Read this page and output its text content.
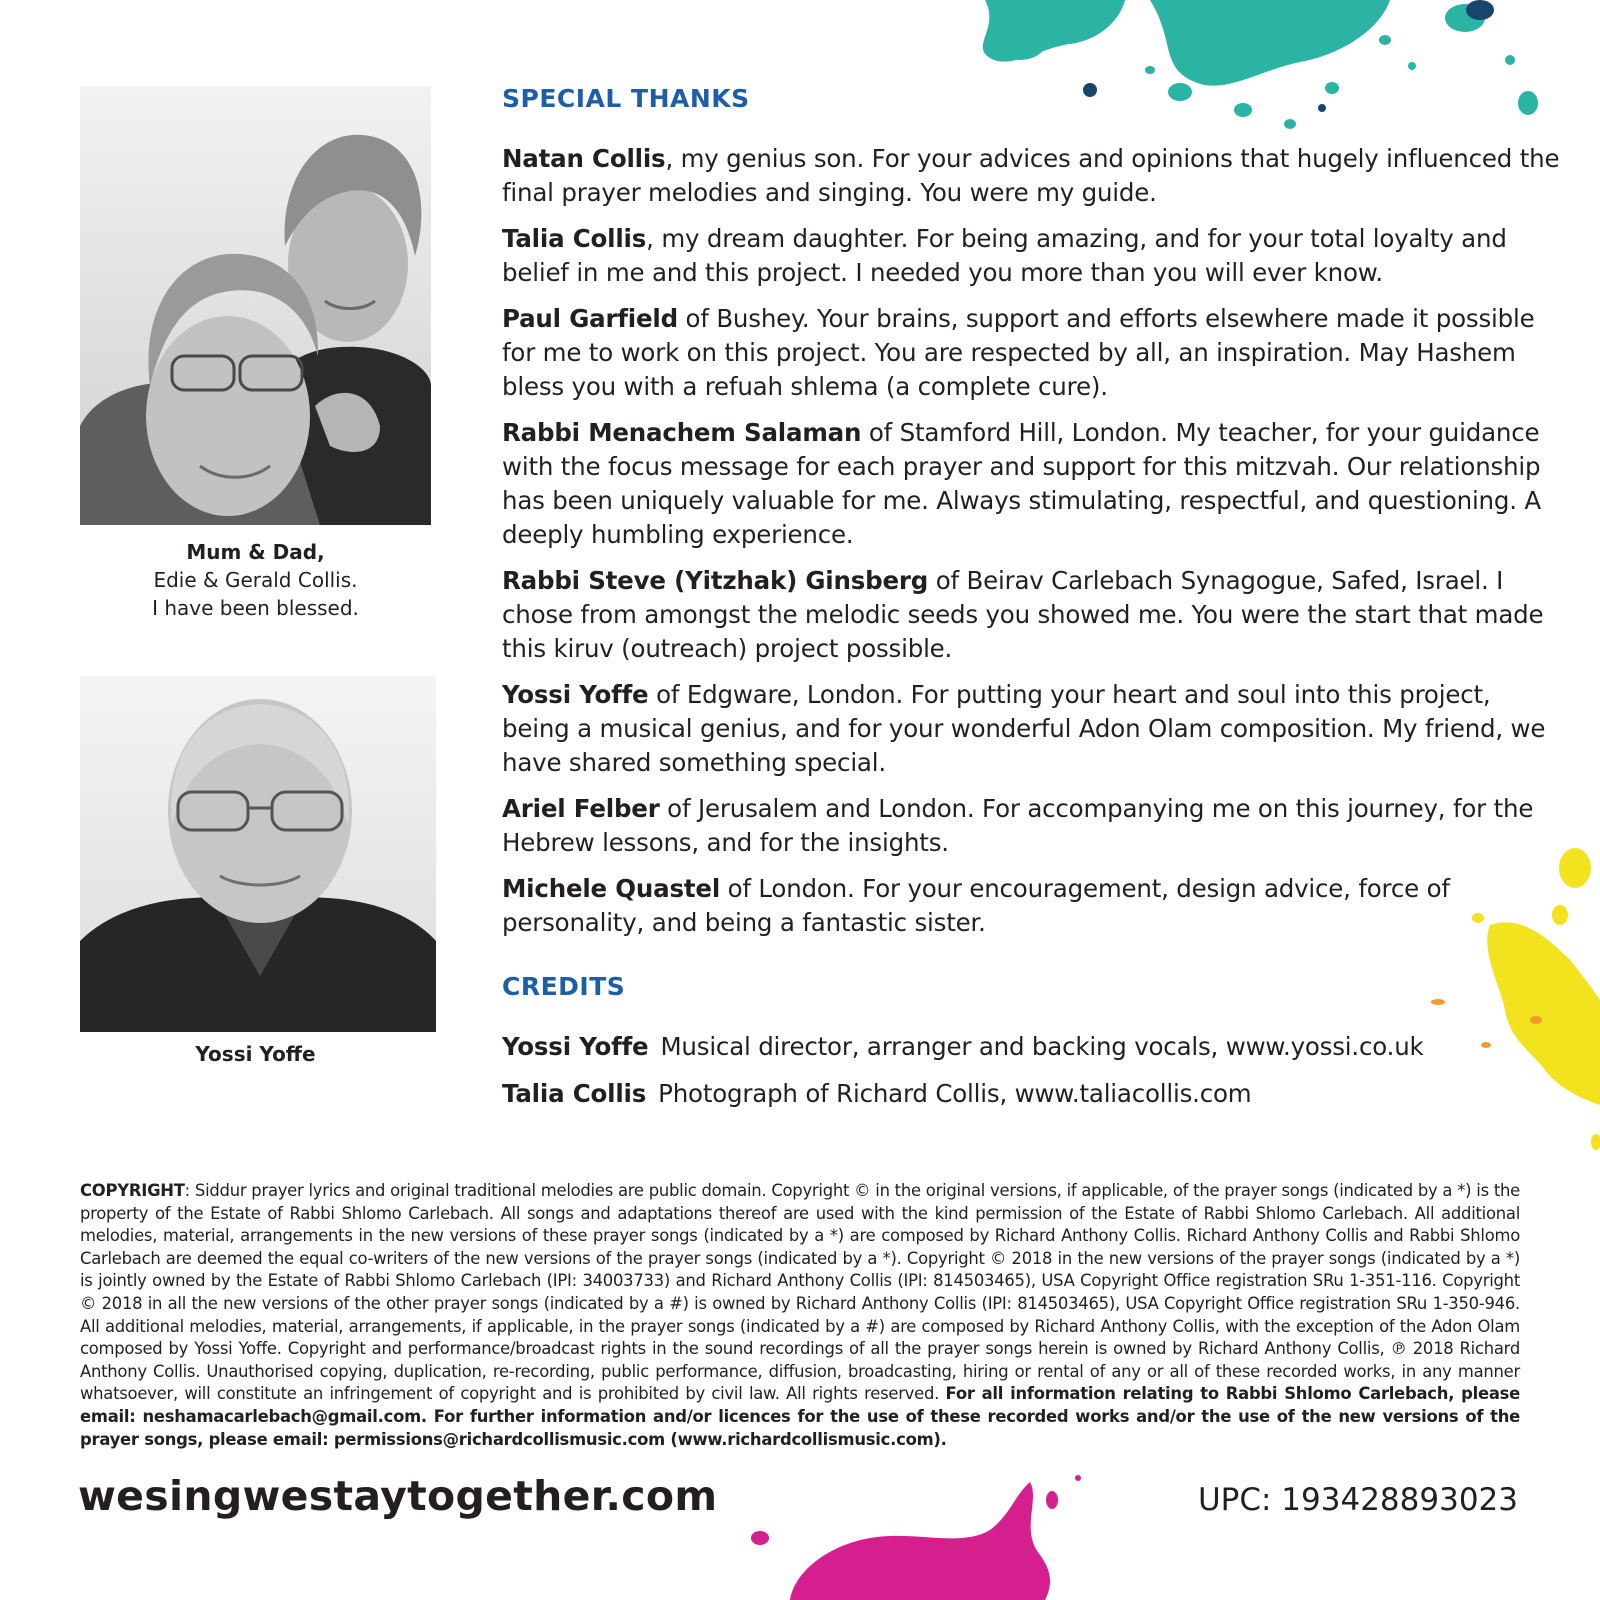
Mum & Dad,
Edie & Gerald Collis.
I have been blessed.
Yossi Yoffe
SPECIAL THANKS

Natan Collis, my genius son. For your advices and opinions that hugely influenced the final prayer melodies and singing. You were my guide.

Talia Collis, my dream daughter. For being amazing, and for your total loyalty and belief in me and this project. I needed you more than you will ever know.

Paul Garfield of Bushey. Your brains, support and efforts elsewhere made it possible for me to work on this project. You are respected by all, an inspiration. May Hashem bless you with a refuah shlema (a complete cure).

Rabbi Menachem Salaman of Stamford Hill, London. My teacher, for your guidance with the focus message for each prayer and support for this mitzvah. Our relationship has been uniquely valuable for me. Always stimulating, respectful, and questioning. A deeply humbling experience.

Rabbi Steve (Yitzhak) Ginsberg of Beirav Carlebach Synagogue, Safed, Israel. I chose from amongst the melodic seeds you showed me. You were the start that made this kiruv (outreach) project possible.

Yossi Yoffe of Edgware, London. For putting your heart and soul into this project, being a musical genius, and for your wonderful Adon Olam composition. My friend, we have shared something special.

Ariel Felber of Jerusalem and London. For accompanying me on this journey, for the Hebrew lessons, and for the insights.

Michele Quastel of London. For your encouragement, design advice, force of personality, and being a fantastic sister.

CREDITS

Yossi Yoffe Musical director, arranger and backing vocals, www.yossi.co.uk

Talia Collis Photograph of Richard Collis, www.taliacollis.com

COPYRIGHT: Siddur prayer lyrics and original traditional melodies are public domain. Copyright © in the original versions, if applicable, of the prayer songs (indicated by a *) is the property of the Estate of Rabbi Shlomo Carlebach. All songs and adaptations thereof are used with the kind permission of the Estate of Rabbi Shlomo Carlebach. All additional melodies, material, arrangements in the new versions of these prayer songs (indicated by a *) are composed by Richard Anthony Collis. Richard Anthony Collis and Rabbi Shlomo Carlebach are deemed the equal co-writers of the new versions of the prayer songs (indicated by a *). Copyright © 2018 in the new versions of the prayer songs (indicated by a *) is jointly owned by the Estate of Rabbi Shlomo Carlebach (IPI: 34003733) and Richard Anthony Collis (IPI: 814503465), USA Copyright Office registration SRu 1-351-116. Copyright © 2018 in all the new versions of the other prayer songs (indicated by a #) is owned by Richard Anthony Collis (IPI: 814503465), USA Copyright Office registration SRu 1-350-946. All additional melodies, material, arrangements, if applicable, in the prayer songs (indicated by a #) are composed by Richard Anthony Collis, with the exception of the Adon Olam composed by Yossi Yoffe. Copyright and performance/broadcast rights in the sound recordings of all the prayer songs herein is owned by Richard Anthony Collis, ℗ 2018 Richard Anthony Collis. Unauthorised copying, duplication, re-recording, public performance, diffusion, broadcasting, hiring or rental of any or all of these recorded works, in any manner whatsoever, will constitute an infringement of copyright and is prohibited by civil law. All rights reserved. For all information relating to Rabbi Shlomo Carlebach, please email: neshamacarlebach@gmail.com. For further information and/or licences for the use of these recorded works and/or the use of the new versions of the prayer songs, please email: permissions@richardcollismusic.com (www.richardcollismusic.com).
wesingwestaytogether.com	UPC: 193428893023
